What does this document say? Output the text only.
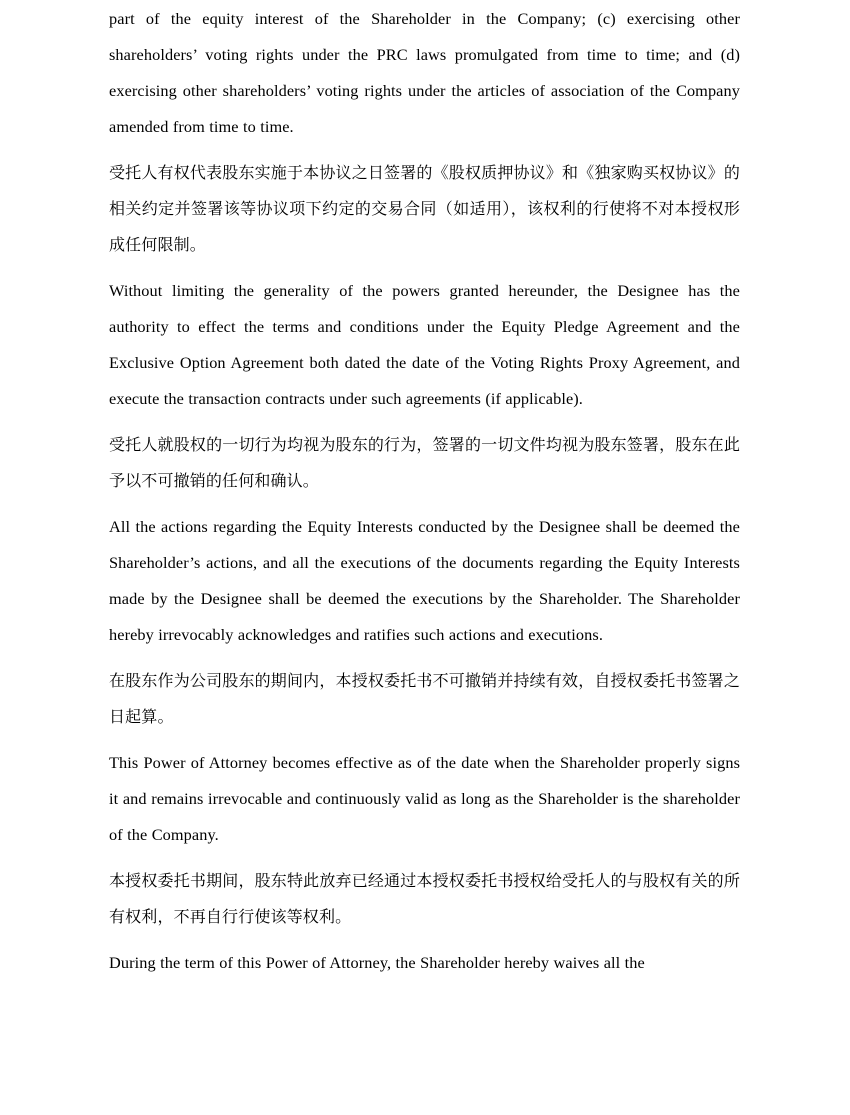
part of the equity interest of the Shareholder in the Company; (c) exercising other shareholders’ voting rights under the PRC laws promulgated from time to time; and (d) exercising other shareholders’ voting rights under the articles of association of the Company amended from time to time.

受托人有权代表股东实施于本协议之日签署的《股权质押协议》和《独家购买权协议》的相关约定并签署该等协议项下约定的交易合同（如适用），该权利的行使将不对本授权形成任何限制。

Without limiting the generality of the powers granted hereunder, the Designee has the authority to effect the terms and conditions under the Equity Pledge Agreement and the Exclusive Option Agreement both dated the date of the Voting Rights Proxy Agreement, and execute the transaction contracts under such agreements (if applicable).

受托人就股权的一切行为均视为股东的行为，签署的一切文件均视为股东签署，股东在此予以不可撤销的任何和确认。

All the actions regarding the Equity Interests conducted by the Designee shall be deemed the Shareholder’s actions, and all the executions of the documents regarding the Equity Interests made by the Designee shall be deemed the executions by the Shareholder. The Shareholder hereby irrevocably acknowledges and ratifies such actions and executions.

在股东作为公司股东的期间内，本授权委托书不可撤销并持续有效，自授权委托书签署之日起算。

This Power of Attorney becomes effective as of the date when the Shareholder properly signs it and remains irrevocable and continuously valid as long as the Shareholder is the shareholder of the Company.

本授权委托书期间，股东特此放弃已经通过本授权委托书授权给受托人的与股权有关的所有权利，不再自行行使该等权利。

During the term of this Power of Attorney, the Shareholder hereby waives all the
